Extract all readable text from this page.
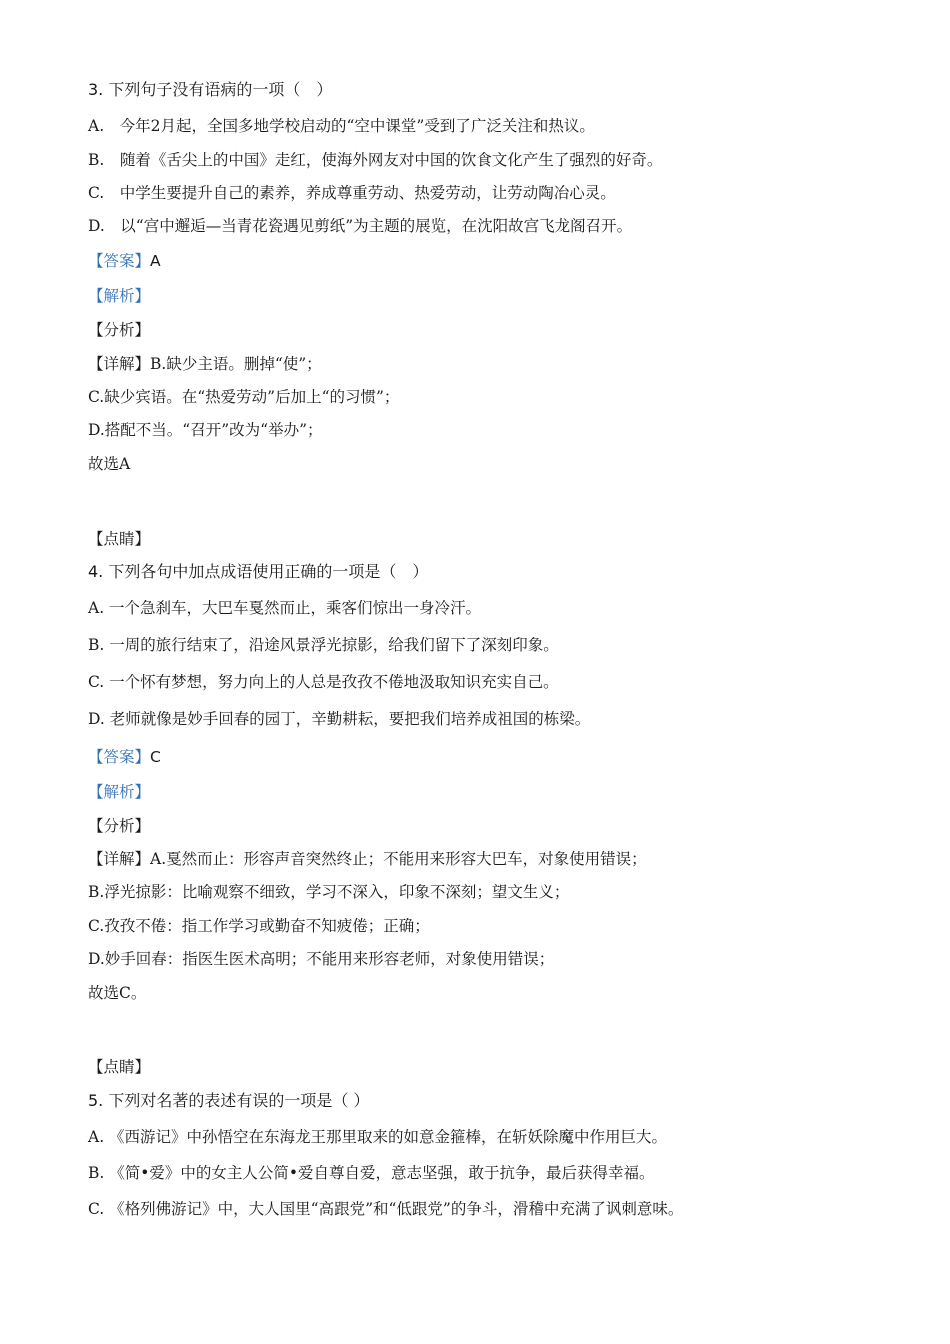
3. 下列句子没有语病的一项（　）
A.　今年2月起，全国多地学校启动的“空中课堂”受到了广泛关注和热议。
B.　随着《舌尖上的中国》走红，使海外网友对中国的饮食文化产生了强烈的好奇。
C.　中学生要提升自己的素养，养成尊重劳动、热爱劳动，让劳动陶冶心灵。
D.　以“宫中邂逅—当青花瓷遇见剪纸”为主题的展览，在沈阳故宫飞龙阁召开。
【答案】A
【解析】
【分析】
【详解】B.缺少主语。删掉“使”；
C.缺少宾语。在“热爱劳动”后加上“的习惯”；
D.搭配不当。“召开”改为“举办”；
故选A
【点睛】
4. 下列各句中加点成语使用正确的一项是（　）
A. 一个急刹车，大巴车戛然而止，乘客们惊出一身冷汗。
B. 一周的旅行结束了，沿途风景浮光掠影，给我们留下了深刻印象。
C. 一个怀有梦想，努力向上的人总是孜孜不倦地汲取知识充实自己。
D. 老师就像是妙手回春的园丁，辛勤耕耘，要把我们培养成祖国的栋梁。
【答案】C
【解析】
【分析】
【详解】A.戛然而止：形容声音突然终止；不能用来形容大巴车，对象使用错误；
B.浮光掠影：比喻观察不细致，学习不深入，印象不深刻；望文生义；
C.孜孜不倦：指工作学习或勤奋不知疲倦；正确；
D.妙手回春：指医生医术高明；不能用来形容老师，对象使用错误；
故选C。
【点睛】
5. 下列对名著的表述有误的一项是（ ）
A. 《西游记》中孙悟空在东海龙王那里取来的如意金箍棒，在斩妖除魔中作用巨大。
B. 《简•爱》中的女主人公简•爱自尊自爱，意志坚强，敢于抗争，最后获得幸福。
C. 《格列佛游记》中，大人国里“高跟党”和“低跟党”的争斗，滑稽中充满了讽刺意味。
